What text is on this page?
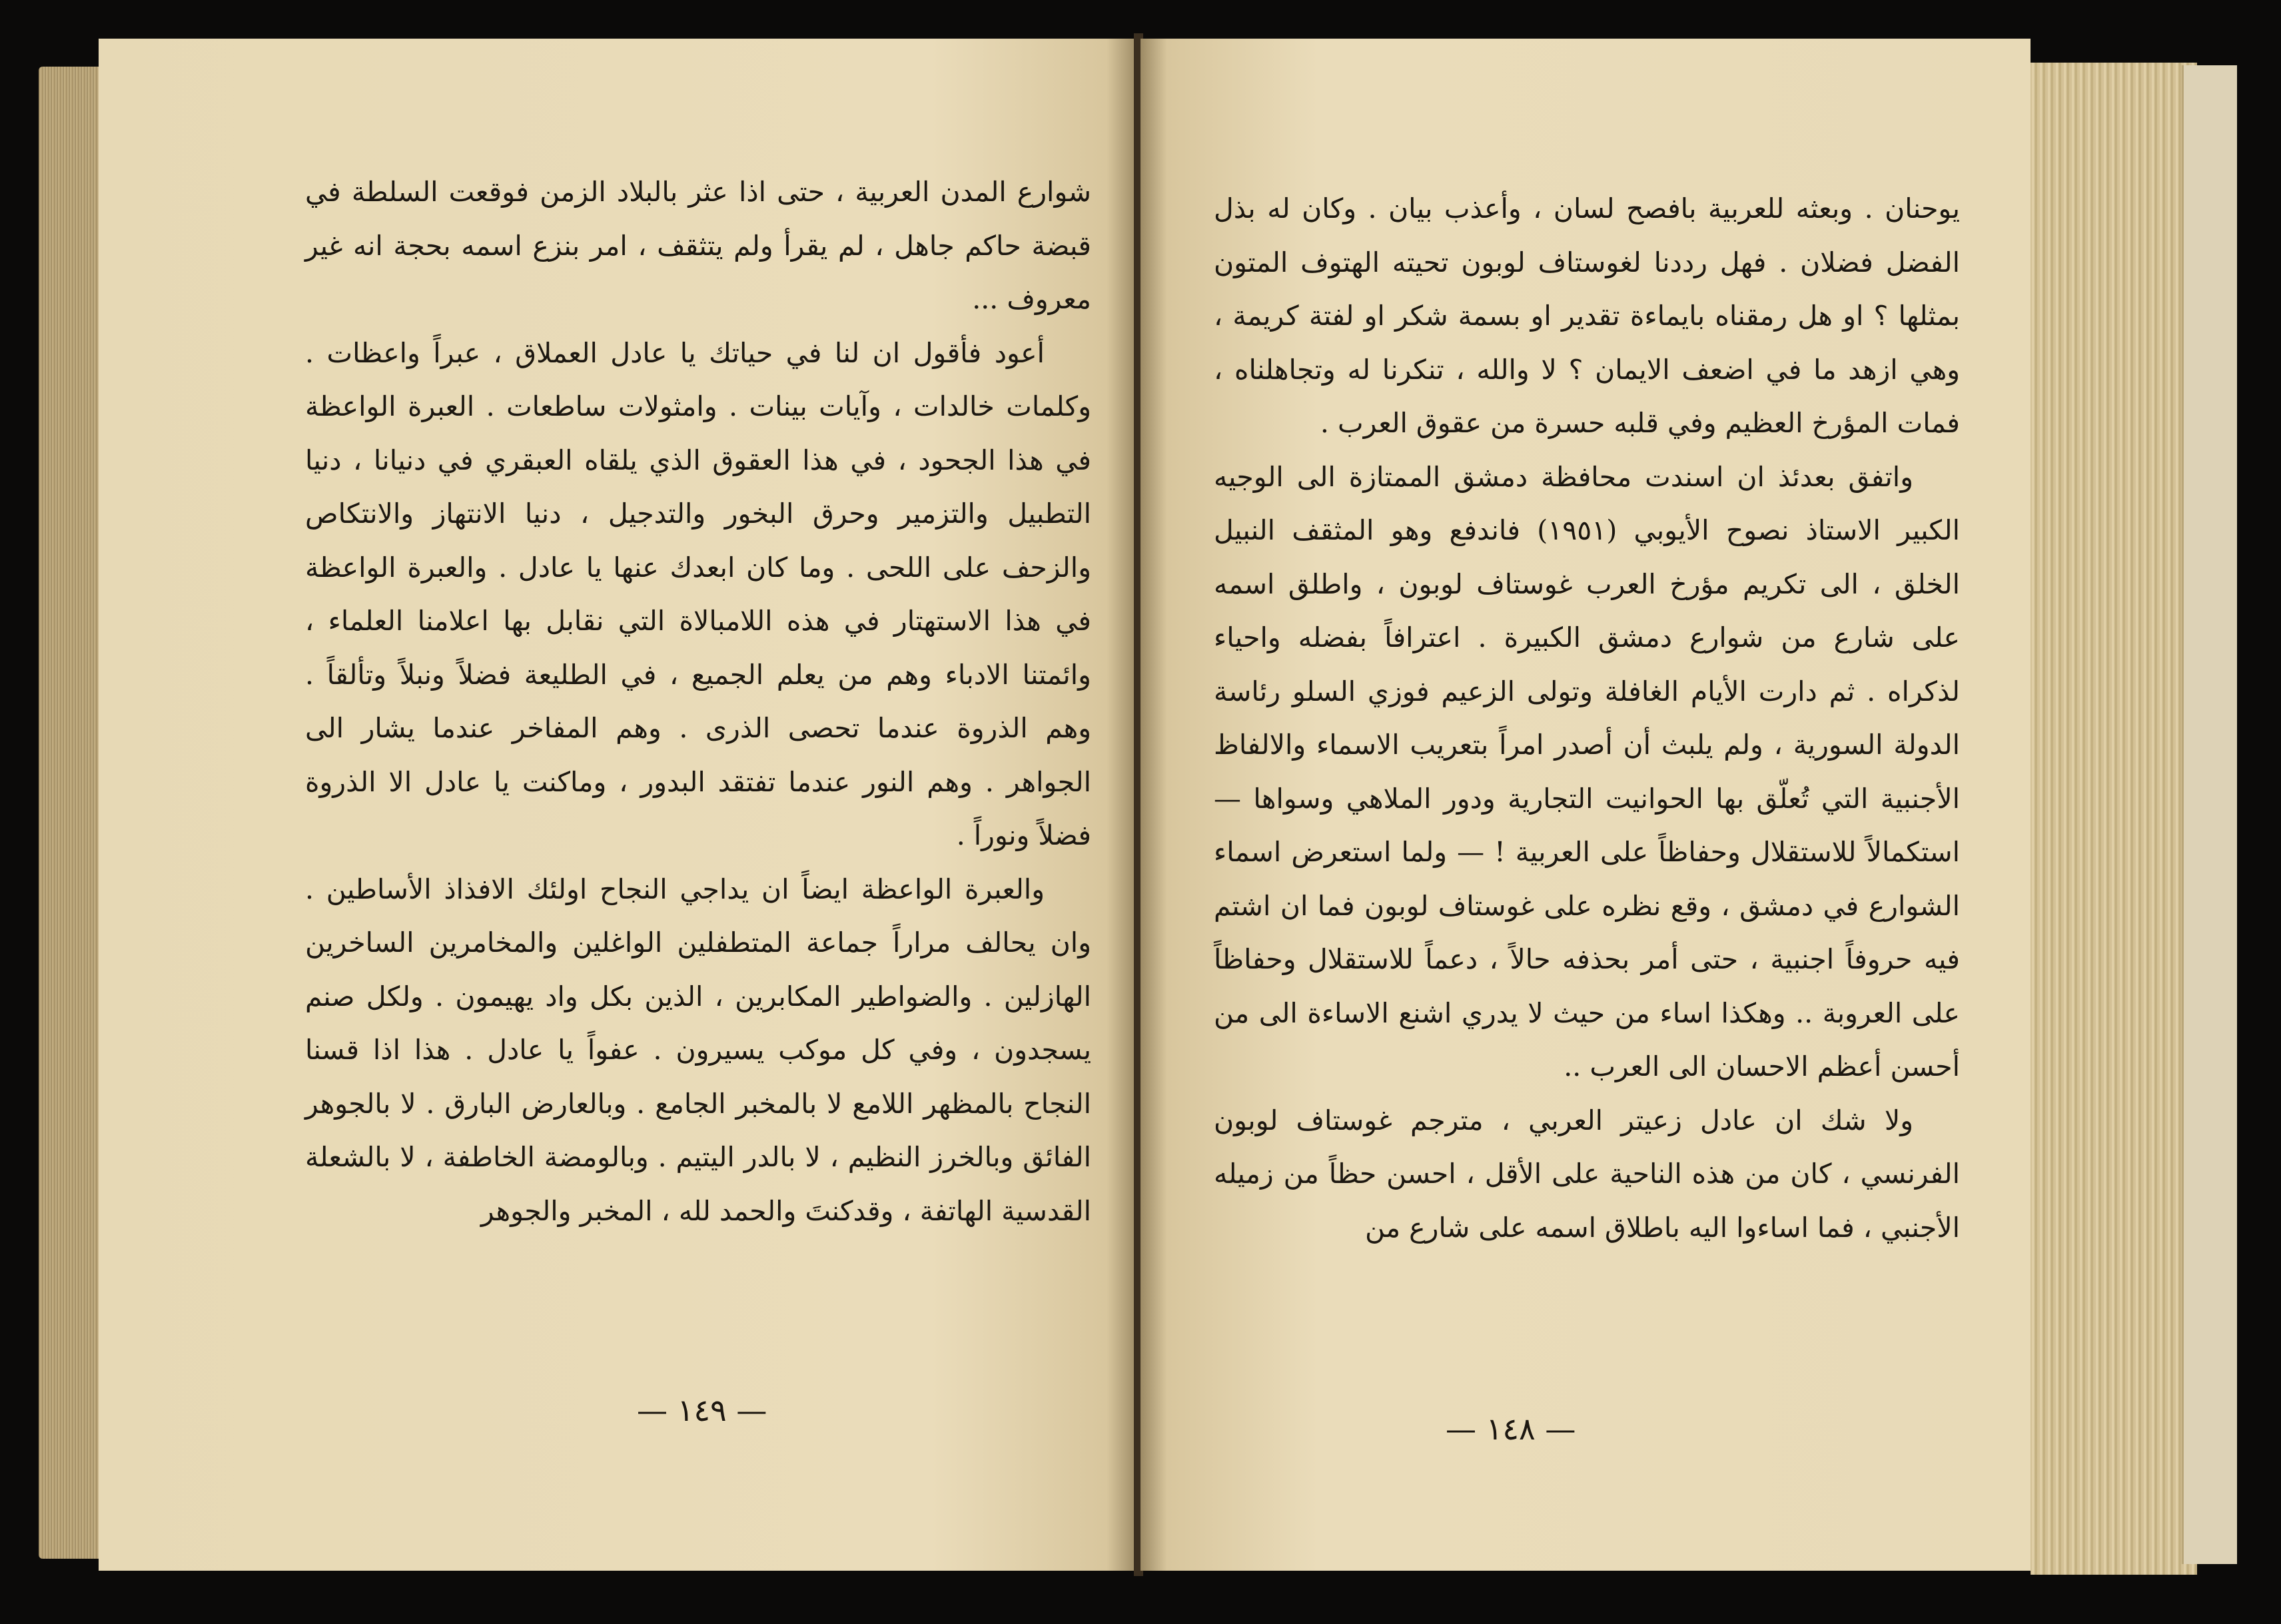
شوارع المدن العربية ، حتى اذا عثر بالبلاد الزمن فوقعت السلطة في قبضة حاكم جاهل ، لم يقرأ ولم يتثقف ، امر بنزع اسمه بحجة انه غير معروف ...

أعود فأقول ان لنا في حياتك يا عادل العملاق ، عبراً واعظات . وكلمات خالدات ، وآيات بينات . وامثولات ساطعات . العبرة الواعظة في هذا الجحود ، في هذا العقوق الذي يلقاه العبقري في دنيانا ، دنيا التطبيل والتزمير وحرق البخور والتدجيل ، دنيا الانتهاز والانتكاص والزحف على اللحى . وما كان ابعدك عنها يا عادل . والعبرة الواعظة في هذا الاستهتار في هذه اللامبالاة التي نقابل بها اعلامنا العلماء ، وائمتنا الادباء وهم من يعلم الجميع ، في الطليعة فضلاً ونبلاً وتألقاً . وهم الذروة عندما تحصى الذرى . وهم المفاخر عندما يشار الى الجواهر . وهم النور عندما تفتقد البدور ، وماكنت يا عادل الا الذروة فضلاً ونوراً .

والعبرة الواعظة ايضاً ان يداجي النجاح اولئك الافذاذ الأساطين . وان يحالف مراراً جماعة المتطفلين الواغلين والمخامرين الساخرين الهازلين . والضواطير المكابرين ، الذين بكل واد يهيمون . ولكل صنم يسجدون ، وفي كل موكب يسيرون . عفواً يا عادل . هذا اذا قسنا النجاح بالمظهر اللامع لا بالمخبر الجامع . وبالعارض البارق . لا بالجوهر الفائق وبالخرز النظيم ، لا بالدر اليتيم . وبالومضة الخاطفة ، لا بالشعلة القدسية الهاتفة ، وقدكنتَ والحمد لله ، المخبر والجوهر

— ١٤٩ —

يوحنان . وبعثه للعربية بافصح لسان ، وأعذب بيان . وكان له بذل الفضل فضلان . فهل رددنا لغوستاف لوبون تحيته الهتوف المتون بمثلها ؟ او هل رمقناه بايماءة تقدير او بسمة شكر او لفتة كريمة ، وهي ازهد ما في اضعف الايمان ؟ لا والله ، تنكرنا له وتجاهلناه ، فمات المؤرخ العظيم وفي قلبه حسرة من عقوق العرب .

واتفق بعدئذ ان اسندت محافظة دمشق الممتازة الى الوجيه الكبير الاستاذ نصوح الأيوبي (١٩٥١) فاندفع وهو المثقف النبيل الخلق ، الى تكريم مؤرخ العرب غوستاف لوبون ، واطلق اسمه على شارع من شوارع دمشق الكبيرة . اعترافاً بفضله واحياء لذكراه . ثم دارت الأيام الغافلة وتولى الزعيم فوزي السلو رئاسة الدولة السورية ، ولم يلبث أن أصدر امراً بتعريب الاسماء والالفاظ الأجنبية التي تُعلّق بها الحوانيت التجارية ودور الملاهي وسواها — استكمالاً للاستقلال وحفاظاً على العربية ! — ولما استعرض اسماء الشوارع في دمشق ، وقع نظره على غوستاف لوبون فما ان اشتم فيه حروفاً اجنبية ، حتى أمر بحذفه حالاً ، دعماً للاستقلال وحفاظاً على العروبة .. وهكذا اساء من حيث لا يدري اشنع الاساءة الى من أحسن أعظم الاحسان الى العرب ..

ولا شك ان عادل زعيتر العربي ، مترجم غوستاف لوبون الفرنسي ، كان من هذه الناحية على الأقل ، احسن حظاً من زميله الأجنبي ، فما اساءوا اليه باطلاق اسمه على شارع من

— ١٤٨ —
